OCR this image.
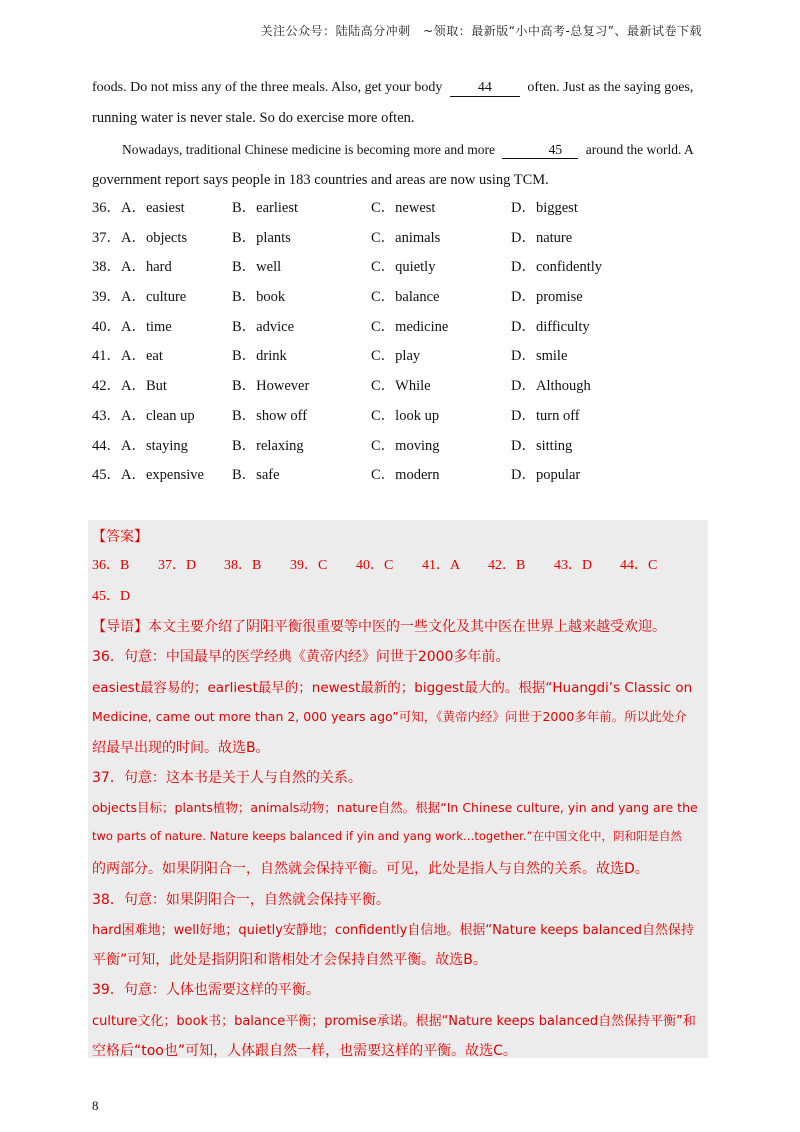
关注公众号：陆陆高分冲刺　~领取：最新版“小中高考-总复习”、最新试卷下载

foods. Do not miss any of the three meals. Also, get your body	44	often. Just as the saying goes,

running water is never stale. So do exercise more often.

Nowadays, traditional Chinese medicine is becoming more and more	45 around the world. A

government report says people in 183 countries and areas are now using TCM.

36．A．easiest	B．earliest	C．newest	D．biggest
37．A．objects	B．plants	C．animals	D．nature
38．A．hard	B．well	C．quietly	D．confidently
39．A．culture	B．book	C．balance	D．promise
40．A．time	B．advice	C．medicine	D．difficulty
41．A．eat	B．drink	C．play	D．smile
42．A．But	B．However	C．While	D．Although
43．A．clean up	B．show off	C．look up	D．turn off
44．A．staying	B．relaxing	C．moving	D．sitting
45．A．expensive B．safe	C．modern	D．popular
【答案】
36．B 37．D 38．B 39．C 40．C 41．A 42．B 43．D 44．C
45．D
【导语】本文主要介绍了阴阳平衡很重要等中医的一些文化及其中医在世界上越来越受欢迎。
36．句意：中国最早的医学经典《黄帝内经》问世于2000多年前。
easiest最容易的；earliest最早的；newest最新的；biggest最大的。根据“Huangdi’s Classic on
Medicine, came out more than 2, 000 years ago”可知，《黄帝内经》问世于2000多年前。所以此处介
绍最早出现的时间。故选B。
37．句意：这本书是关于人与自然的关系。
objects目标；plants植物；animals动物；nature自然。根据“In Chinese culture, yin and yang are the
two parts of nature. Nature keeps balanced if yin and yang work…together.”在中国文化中，阴和阳是自然
的两部分。如果阴阳合一，自然就会保持平衡。可见，此处是指人与自然的关系。故选D。
38．句意：如果阴阳合一，自然就会保持平衡。
hard困难地；well好地；quietly安静地；confidently自信地。根据“Nature keeps balanced自然保持
平衡”可知，此处是指阴阳和谐相处才会保持自然平衡。故选B。
39．句意：人体也需要这样的平衡。
culture文化；book书；balance平衡；promise承诺。根据“Nature keeps balanced自然保持平衡”和
空格后“too也”可知，人体跟自然一样，也需要这样的平衡。故选C。
8
